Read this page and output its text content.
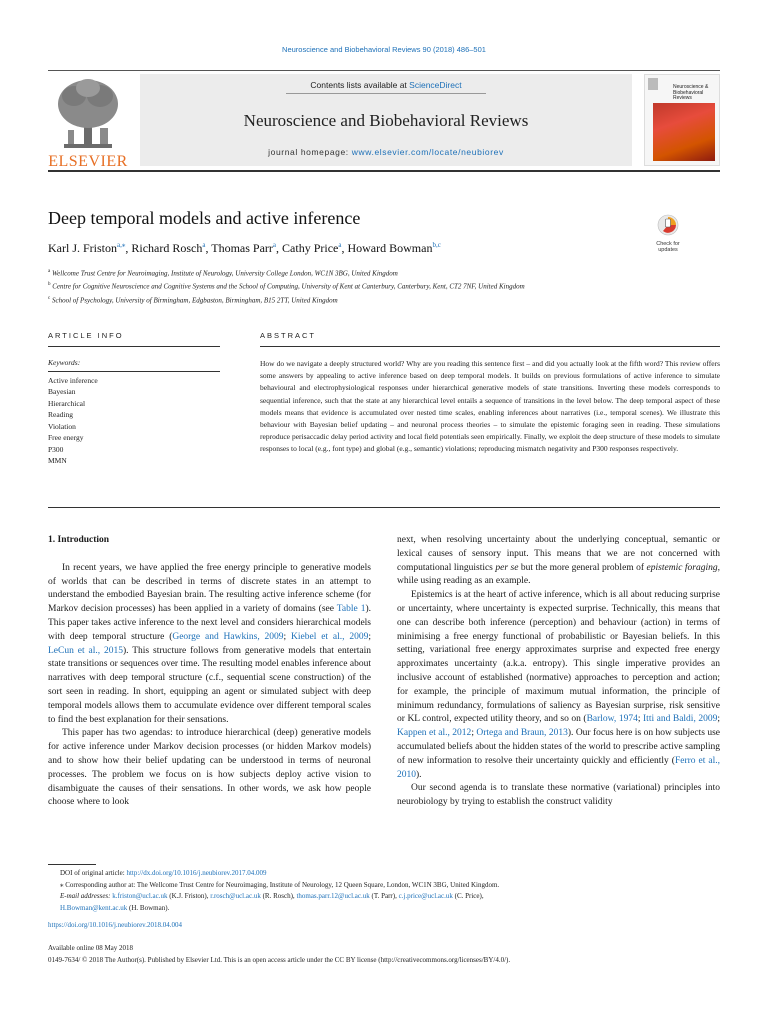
Neuroscience and Biobehavioral Reviews 90 (2018) 486–501
ELSEVIER
Contents lists available at ScienceDirect
Neuroscience and Biobehavioral Reviews
journal homepage: www.elsevier.com/locate/neubiorev
Neuroscience & Biobehavioral Reviews
Deep temporal models and active inference
Check for updates
Karl J. Friston$^{a,⁎}$, Richard Rosch$^a$, Thomas Parr$^a$, Cathy Price$^a$, Howard Bowman$^{b,c}$
$^a$ Wellcome Trust Centre for Neuroimaging, Institute of Neurology, University College London, WC1N 3BG, United Kingdom
$^b$ Centre for Cognitive Neuroscience and Cognitive Systems and the School of Computing, University of Kent at Canterbury, Canterbury, Kent, CT2 7NF, United Kingdom
$^c$ School of Psychology, University of Birmingham, Edgbaston, Birmingham, B15 2TT, United Kingdom
ARTICLE INFO	ABSTRACT
Keywords:
Active inference
Bayesian
Hierarchical
Reading
Violation
Free energy
P300
MMN
How do we navigate a deeply structured world? Why are you reading this sentence first – and did you actually look at the fifth word? This review offers some answers by appealing to active inference based on deep temporal models. It builds on previous formulations of active inference to simulate behavioural and electrophysiological responses under hierarchical generative models of state transitions. Inverting these models corresponds to sequential inference, such that the state at any hierarchical level entails a sequence of transitions in the level below. The deep temporal aspect of these models means that evidence is accumulated over nested time scales, enabling inferences about narratives (i.e., temporal scenes). We illustrate this behaviour with Bayesian belief updating – and neuronal process theories – to simulate the epistemic foraging seen in reading. These simulations reproduce perisaccadic delay period activity and local field potentials seen empirically. Finally, we exploit the deep structure of these models to simulate responses to local (e.g., font type) and global (e.g., semantic) violations; reproducing mismatch negativity and P300 responses respectively.
1. Introduction

In recent years, we have applied the free energy principle to generative models of worlds that can be described in terms of discrete states in an attempt to understand the embodied Bayesian brain. The resulting active inference scheme (for Markov decision processes) has been applied in a variety of domains (see Table 1). This paper takes active inference to the next level and considers hierarchical models with deep temporal structure (George and Hawkins, 2009; Kiebel et al., 2009; LeCun et al., 2015). This structure follows from generative models that entertain state transitions or sequences over time. The resulting model enables inference about narratives with deep temporal structure (c.f., sequential scene construction) of the sort seen in reading. In short, equipping an agent or simulated subject with deep temporal models allows them to accumulate evidence over different temporal scales to find the best explanation for their sensations.

This paper has two agendas: to introduce hierarchical (deep) generative models for active inference under Markov decision processes (or hidden Markov models) and to show how their belief updating can be understood in terms of neuronal processes. The problem we focus on is how subjects deploy active vision to disambiguate the causes of their sensations. In other words, we ask how people choose where to look

next, when resolving uncertainty about the underlying conceptual, semantic or lexical causes of sensory input. This means that we are not concerned with computational linguistics per se but the more general problem of epistemic foraging, while using reading as an example.

Epistemics is at the heart of active inference, which is all about reducing surprise or uncertainty, where uncertainty is expected surprise. Technically, this means that one can describe both inference (perception) and behaviour (action) in terms of minimising a free energy functional of probabilistic or Bayesian beliefs. In this setting, variational free energy approximates surprise and expected free energy approximates uncertainty (a.k.a. entropy). This single imperative provides an inclusive account of established (normative) approaches to perception and action; for example, the principle of maximum mutual information, the principle of minimum redundancy, formulations of saliency as Bayesian surprise, risk sensitive or KL control, expected utility theory, and so on (Barlow, 1974; Itti and Baldi, 2009; Kappen et al., 2012; Ortega and Braun, 2013). Our focus here is on how subjects use accumulated beliefs about the hidden states of the world to prescribe active sampling of new information to resolve their uncertainty quickly and efficiently (Ferro et al., 2010).

Our second agenda is to translate these normative (variational) principles into neurobiology by trying to establish the construct validity

DOI of original article: http://dx.doi.org/10.1016/j.neubiorev.2017.04.009
⁎ Corresponding author at: The Wellcome Trust Centre for Neuroimaging, Institute of Neurology, 12 Queen Square, London, WC1N 3BG, United Kingdom.
E-mail addresses: k.friston@ucl.ac.uk (K.J. Friston), r.rosch@ucl.ac.uk (R. Rosch), thomas.parr.12@ucl.ac.uk (T. Parr), c.j.price@ucl.ac.uk (C. Price),
H.Bowman@kent.ac.uk (H. Bowman).
https://doi.org/10.1016/j.neubiorev.2018.04.004
Available online 08 May 2018
0149-7634/ © 2018 The Author(s). Published by Elsevier Ltd. This is an open access article under the CC BY license (http://creativecommons.org/licenses/BY/4.0/).
